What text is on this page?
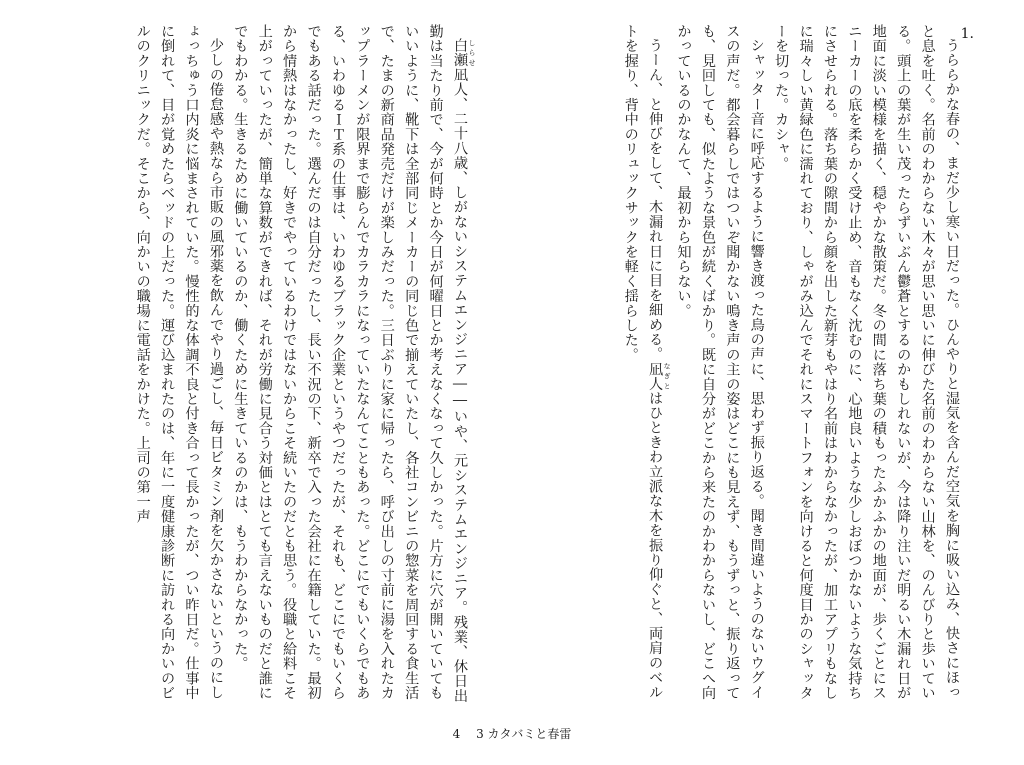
1.

うららかな春の、まだ少し寒い日だった。ひんやりと湿気を含んだ空気を胸に吸い込み、快さにほっと息を吐く。名前のわからない木々が思い思いに伸びた名前のわからない山林を、のんびりと歩いている。頭上の葉が生い茂ったらずいぶん鬱蒼とするのかもしれないが、今は降り注いだ明るい木漏れ日が地面に淡い模様を描く、穏やかな散策だ。冬の間に落ち葉の積もったふかふかの地面が、歩くごとにスニーカーの底を柔らかく受け止め、音もなく沈むのに、心地良いような少しおぼつかないような気持ちにさせられる。落ち葉の隙間から顔を出した新芽もやはり名前はわからなかったが、加工アプリもなしに瑞々しい黄緑色に濡れており、しゃがみ込んでそれにスマートフォンを向けると何度目かのシャッターを切った。カシャ。

シャッター音に呼応するように響き渡った鳥の声に、思わず振り返る。聞き間違いようのないウグイスの声だ。都会暮らしではついぞ聞かない鳴き声の主の姿はどこにも見えず、もうずっと、振り返っても、見回しても、似たような景色が続くばかり。既に自分がどこから来たのかわからないし、どこへ向かっているのかなんて、最初から知らない。

うーん、と伸びをして、木漏れ日に目を細める。凪人 なぎとはひときわ立派な木を振り仰ぐと、両肩のベルトを握り、背中のリュックサックを軽く揺らした。

白瀬 しらせ凪人、二十八歳、しがないシステムエンジニア――いや、元システムエンジニア。残業、休日出勤は当たり前で、今が何時とか今日が何曜日とか考えなくなって久しかった。片方に穴が開いていてもいいように、靴下は全部同じメーカーの同じ色で揃えていたし、各社コンビニの惣菜を周回する食生活で、たまの新商品発売だけが楽しみだった。三日ぶりに家に帰ったら、呼び出しの寸前に湯を入れたカップラーメンが限界まで膨らんでカラカラになっていたなんてこともあった。どこにでもいくらでもある、いわゆるＩＴ系の仕事は、いわゆるブラック企業というやつだったが、それも、どこにでもいくらでもある話だった。選んだのは自分だったし、長い不況の下、新卒で入った会社に在籍していた。最初から情熱はなかったし、好きでやっているわけではないからこそ続いたのだとも思う。役職と給料こそ上がっていったが、簡単な算数ができれば、それが労働に見合う対価とはとても言えないものだと誰にでもわかる。生きるために働いているのか、働くために生きているのかは、もうわからなかった。

少しの倦怠感や熱なら市販の風邪薬を飲んでやり過ごし、毎日ビタミン剤を欠かさないというのにしょっちゅう口内炎に悩まされていた。慢性的な体調不良と付き合って長かったが、つい昨日だ。仕事中に倒れて、目が覚めたらベッドの上だった。運び込まれたのは、年に一度健康診断に訪れる向かいのビルのクリニックだ。そこから、向かいの職場に電話をかけた。上司の第一声

4 3 カタバミと春雷
